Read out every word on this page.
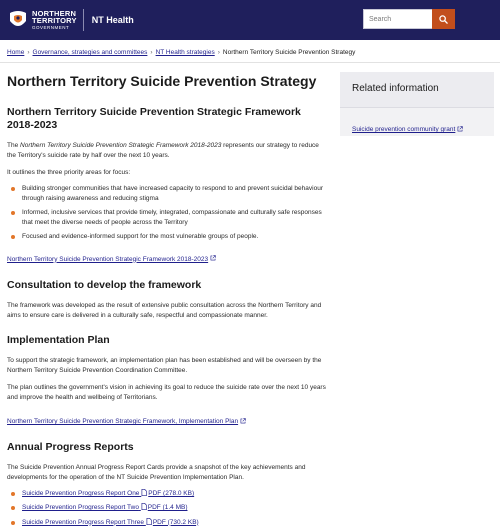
NORTHERN
TERRITORY
GOVERNMENT
NT Health	Search
Home › Governance, strategies and committees › NT Health strategies › Northern Territory Suicide Prevention Strategy
Northern Territory Suicide Prevention Strategy
Northern Territory Suicide Prevention Strategic Framework 2018-2023

The Northern Territory Suicide Prevention Strategic Framework 2018-2023 represents our strategy to reduce the Territory's suicide rate by half over the next 10 years.

It outlines the three priority areas for focus:

Building stronger communities that have increased capacity to respond to and prevent suicidal behaviour through raising awareness and reducing stigma
Informed, inclusive services that provide timely, integrated, compassionate and culturally safe responses that meet the diverse needs of people across the Territory
Focused and evidence-informed support for the most vulnerable groups of people.
Northern Territory Suicide Prevention Strategic Framework 2018-2023
Consultation to develop the framework

The framework was developed as the result of extensive public consultation across the Northern Territory and aims to ensure care is delivered in a culturally safe, respectful and compassionate manner.

Implementation Plan

To support the strategic framework, an implementation plan has been established and will be overseen by the Northern Territory Suicide Prevention Coordination Committee.

The plan outlines the government's vision in achieving its goal to reduce the suicide rate over the next 10 years and improve the health and wellbeing of Territorians.

Northern Territory Suicide Prevention Strategic Framework, Implementation Plan
Annual Progress Reports

The Suicide Prevention Annual Progress Report Cards provide a snapshot of the key achievements and developments for the operation of the NT Suicide Prevention Implementation Plan.

Suicide Prevention Progress Report One PDF (278.0 KB)
Suicide Prevention Progress Report Two PDF (1.4 MB)
Suicide Prevention Progress Report Three PDF (730.2 KB)
Related information
Suicide prevention community grant
